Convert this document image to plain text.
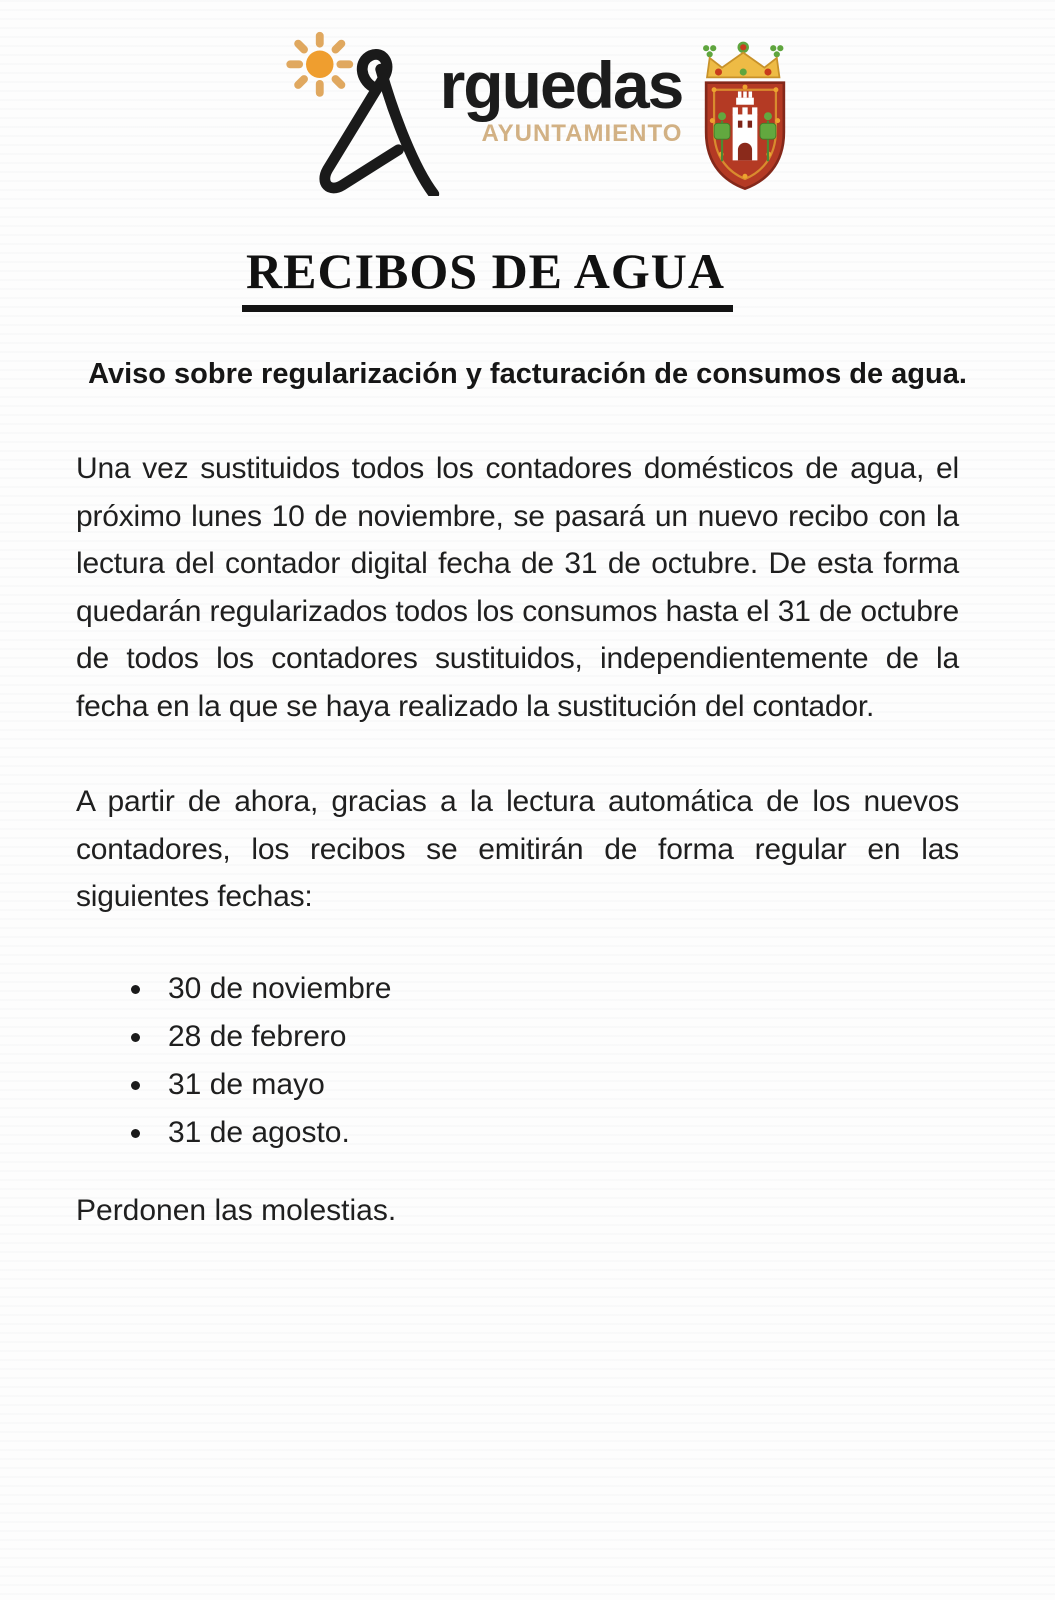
rguedas
AYUNTAMIENTO
RECIBOS DE AGUA
Aviso sobre regularización y facturación de consumos de agua.

Una vez sustituidos todos los contadores domésticos de agua, el próximo lunes 10 de noviembre, se pasará un nuevo recibo con la lectura del contador digital fecha de 31 de octubre. De esta forma quedarán regularizados todos los consumos hasta el 31 de octubre de todos los contadores sustituidos, independientemente de la fecha en la que se haya realizado la sustitución del contador.

A partir de ahora, gracias a la lectura automática de los nuevos contadores, los recibos se emitirán de forma regular en las siguientes fechas:

30 de noviembre
28 de febrero
31 de mayo
31 de agosto.

Perdonen las molestias.
